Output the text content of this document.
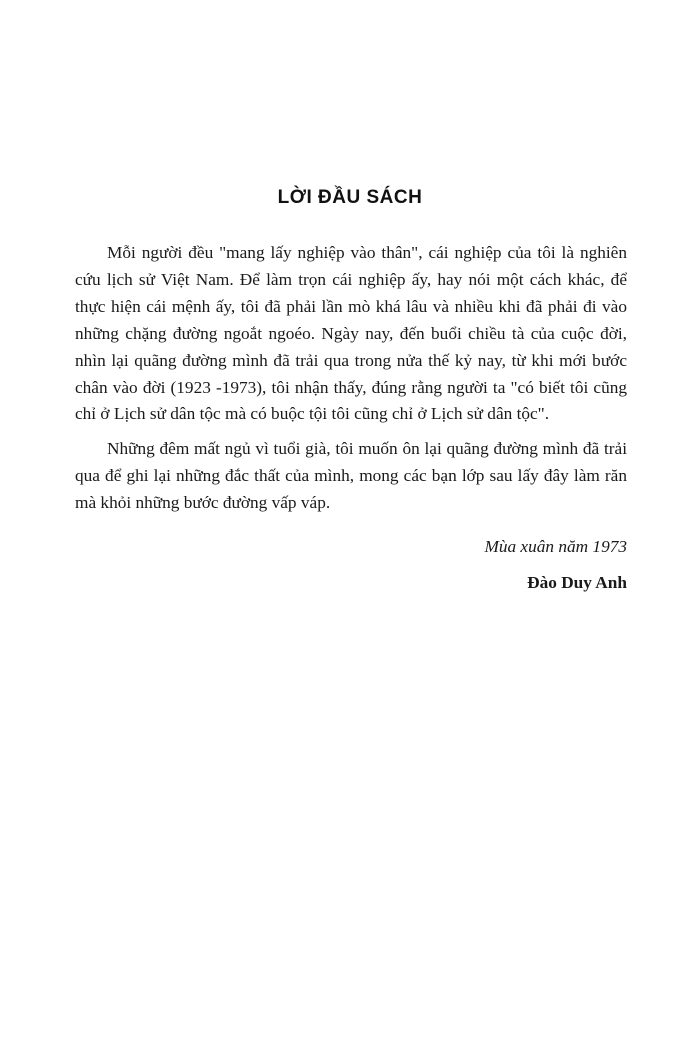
LỜI ĐẦU SÁCH

Mỗi người đều "mang lấy nghiệp vào thân", cái nghiệp của tôi là nghiên cứu lịch sử Việt Nam. Để làm trọn cái nghiệp ấy, hay nói một cách khác, để thực hiện cái mệnh ấy, tôi đã phải lần mò khá lâu và nhiều khi đã phải đi vào những chặng đường ngoắt ngoéo. Ngày nay, đến buổi chiều tà của cuộc đời, nhìn lại quãng đường mình đã trải qua trong nửa thế kỷ nay, từ khi mới bước chân vào đời (1923 -1973), tôi nhận thấy, đúng rằng người ta "có biết tôi cũng chỉ ở Lịch sử dân tộc mà có buộc tội tôi cũng chỉ ở Lịch sử dân tộc".

Những đêm mất ngủ vì tuổi già, tôi muốn ôn lại quãng đường mình đã trải qua để ghi lại những đắc thất của mình, mong các bạn lớp sau lấy đây làm răn mà khỏi những bước đường vấp váp.

Mùa xuân năm 1973

Đào Duy Anh
